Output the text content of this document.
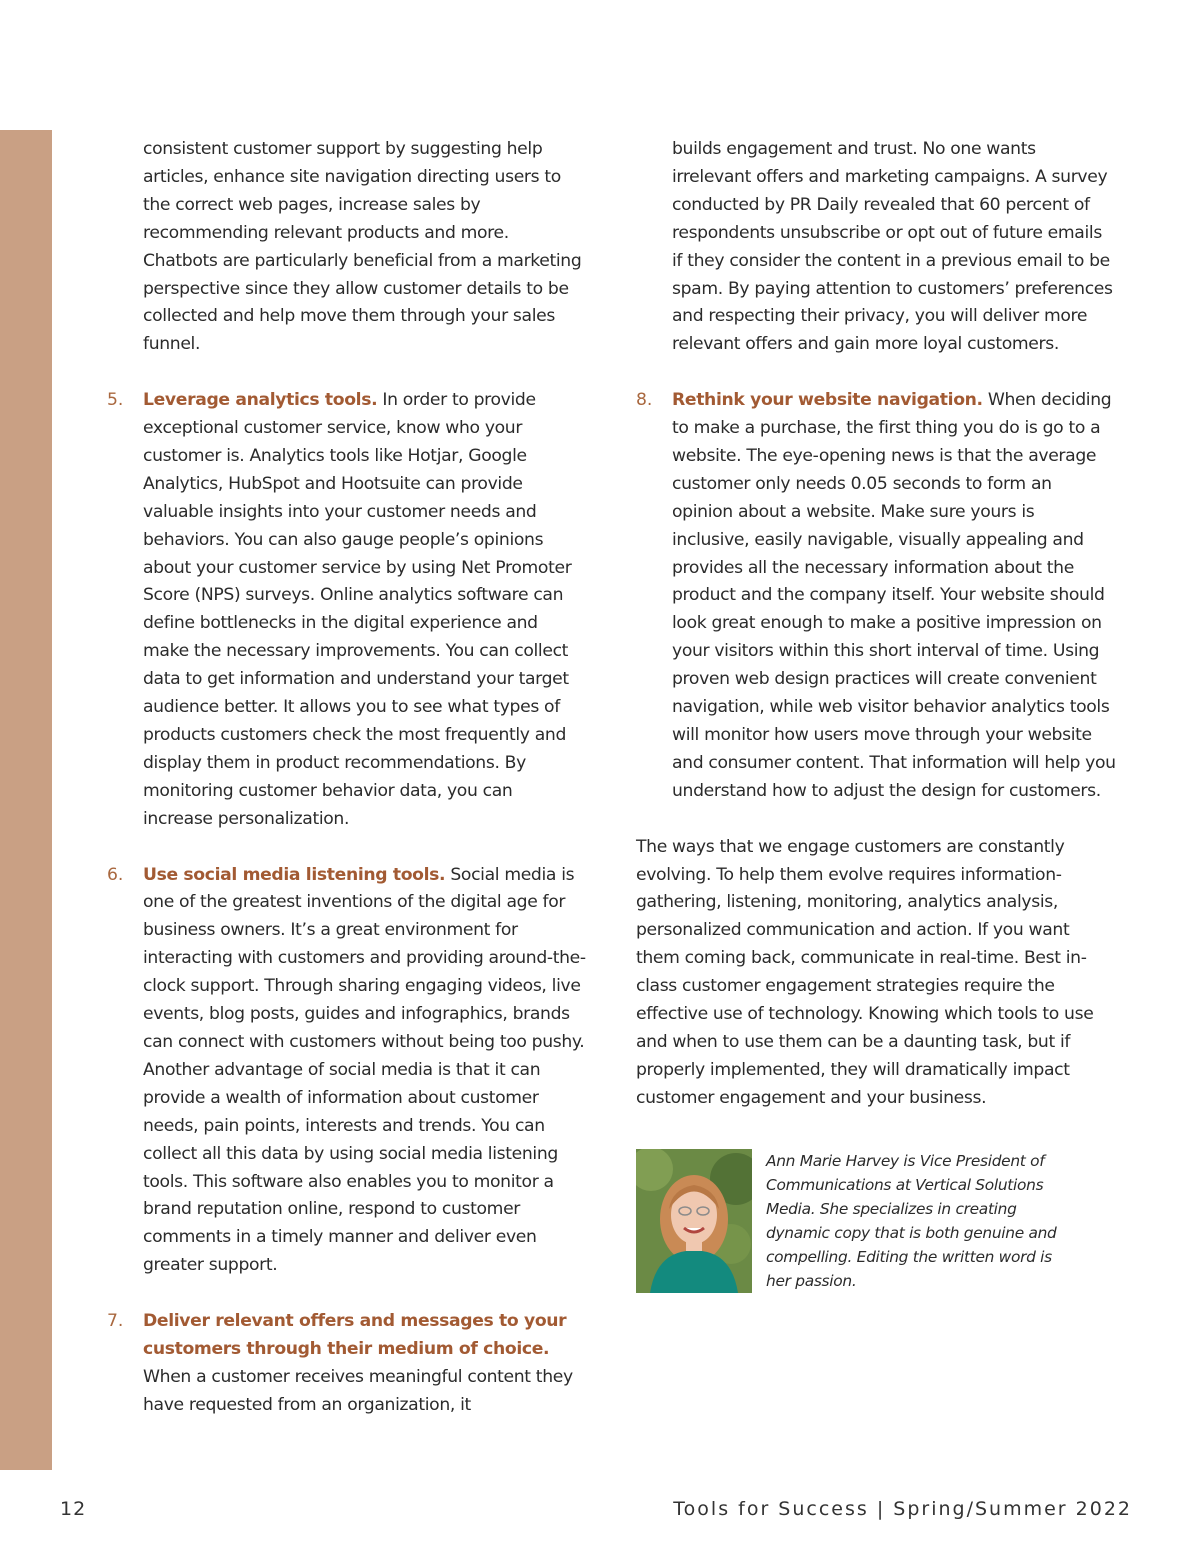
consistent customer support by suggesting help articles, enhance site navigation directing users to the correct web pages, increase sales by recommending relevant products and more. Chatbots are particularly beneficial from a marketing perspective since they allow customer details to be collected and help move them through your sales funnel.

5. Leverage analytics tools. In order to provide exceptional customer service, know who your customer is. Analytics tools like Hotjar, Google Analytics, HubSpot and Hootsuite can provide valuable insights into your customer needs and behaviors. You can also gauge people’s opinions about your customer service by using Net Promoter Score (NPS) surveys. Online analytics software can define bottlenecks in the digital experience and make the necessary improvements. You can collect data to get information and understand your target audience better. It allows you to see what types of products customers check the most frequently and display them in product recommendations. By monitoring customer behavior data, you can increase personalization.

6. Use social media listening tools. Social media is one of the greatest inventions of the digital age for business owners. It’s a great environment for interacting with customers and providing around-the-clock support. Through sharing engaging videos, live events, blog posts, guides and infographics, brands can connect with customers without being too pushy. Another advantage of social media is that it can provide a wealth of information about customer needs, pain points, interests and trends. You can collect all this data by using social media listening tools. This software also enables you to monitor a brand reputation online, respond to customer comments in a timely manner and deliver even greater support.

7. Deliver relevant offers and messages to your customers through their medium of choice. When a customer receives meaningful content they have requested from an organization, it

builds engagement and trust. No one wants irrelevant offers and marketing campaigns. A survey conducted by PR Daily revealed that 60 percent of respondents unsubscribe or opt out of future emails if they consider the content in a previous email to be spam. By paying attention to customers’ preferences and respecting their privacy, you will deliver more relevant offers and gain more loyal customers.

8. Rethink your website navigation. When deciding to make a purchase, the first thing you do is go to a website. The eye-opening news is that the average customer only needs 0.05 seconds to form an opinion about a website. Make sure yours is inclusive, easily navigable, visually appealing and provides all the necessary information about the product and the company itself. Your website should look great enough to make a positive impression on your visitors within this short interval of time. Using proven web design practices will create convenient navigation, while web visitor behavior analytics tools will monitor how users move through your website and consumer content. That information will help you understand how to adjust the design for customers.

The ways that we engage customers are constantly evolving. To help them evolve requires information-gathering, listening, monitoring, analytics analysis, personalized communication and action. If you want them coming back, communicate in real-time. Best in-class customer engagement strategies require the effective use of technology. Knowing which tools to use and when to use them can be a daunting task, but if properly implemented, they will dramatically impact customer engagement and your business.

Ann Marie Harvey is Vice President of Communications at Vertical Solutions Media. She specializes in creating dynamic copy that is both genuine and compelling. Editing the written word is her passion.

12	Tools for Success | Spring/Summer 2022
